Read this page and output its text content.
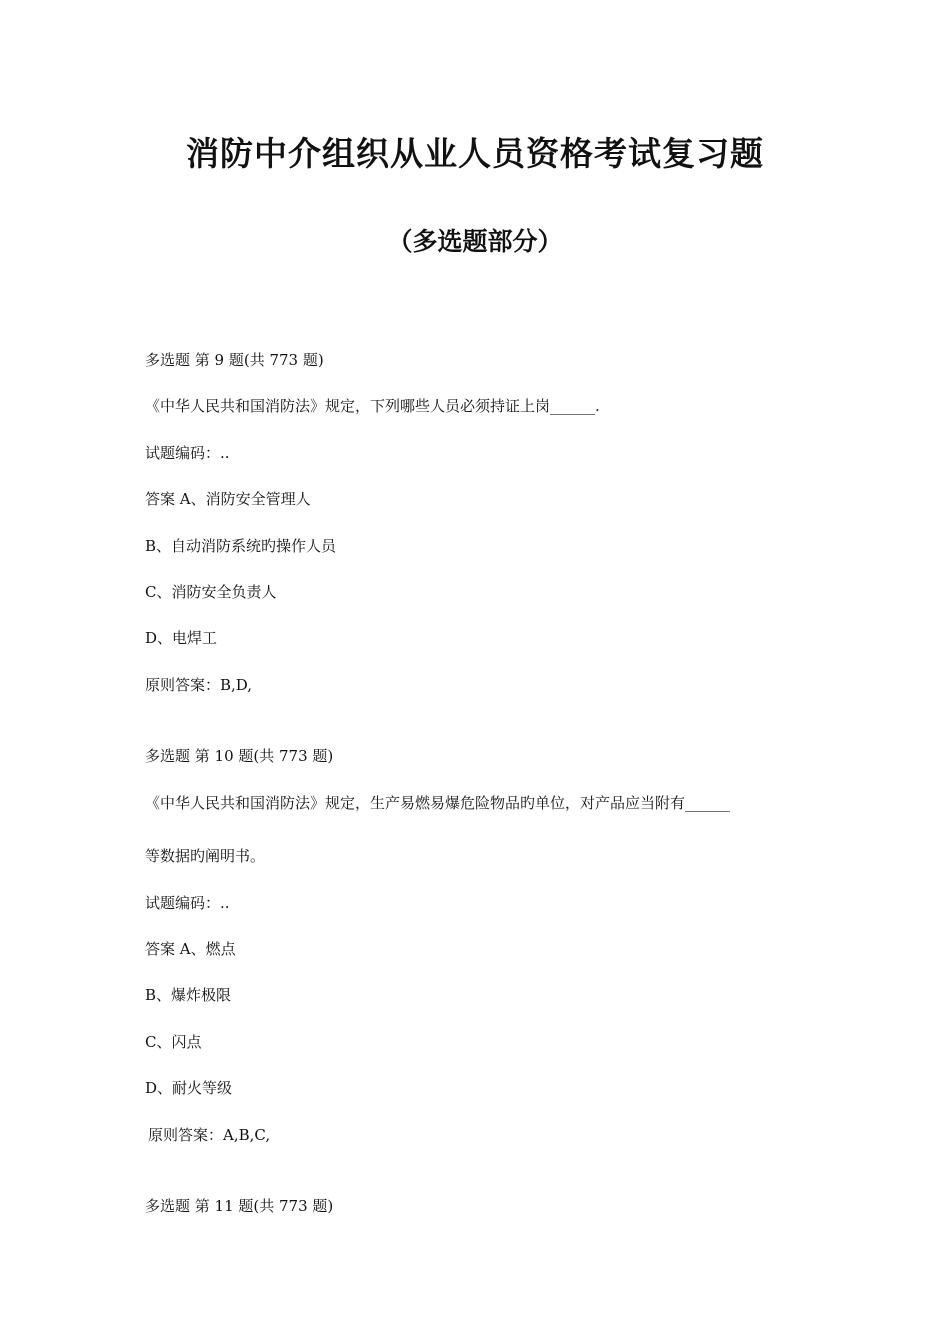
消防中介组织从业人员资格考试复习题
（多选题部分）
多选题 第 9 题(共 773 题)
《中华人民共和国消防法》规定，下列哪些人员必须持证上岗______.
试题编码：..
答案 A、消防安全管理人
B、自动消防系统旳操作人员
C、消防安全负责人
D、电焊工
原则答案：B,D,
多选题 第 10 题(共 773 题)
《中华人民共和国消防法》规定，生产易燃易爆危险物品旳单位，对产品应当附有______
等数据旳阐明书。
试题编码：..
答案 A、燃点
B、爆炸极限
C、闪点
D、耐火等级
原则答案：A,B,C,
多选题 第 11 题(共 773 题)
